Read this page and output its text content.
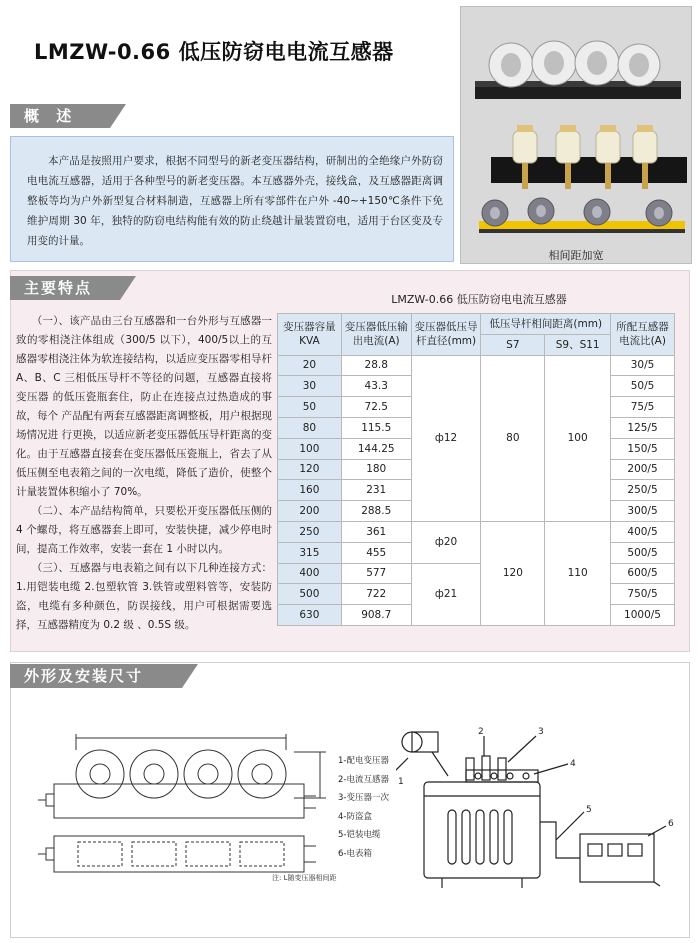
LMZW-0.66 低压防窃电电流互感器
相间距加宽
概 述
本产品是按照用户要求，根据不同型号的新老变压器结构，研制出的全绝缘户外防窃电电流互感器，适用于各种型号的新老变压器。本互感器外壳，接线盒，及互感器距离调整板等均为户外新型复合材料制造，互感器上所有零部件在户外 -40~+150℃条件下免维护周期 30 年，独特的防窃电结构能有效的防止绕越计量装置窃电，适用于台区变及专用变的计量。
主要特点

（一）、该产品由三台互感器和一台外形与互感器一致的零相浇注体组成（300/5 以下），400/5以上的互感器零相浇注体为软连接结构，以适应变压器零相导杆 A、B、C 三相低压导杆不等径的问题，互感器直接将变压器 的低压瓷瓶套住，防止在连接点过热造成的事故，每个 产品配有两套互感器距离调整板，用户根据现场情况进 行更换，以适应新老变压器低压导杆距离的变化。由于互感器直接套在变压器低压瓷瓶上，省去了从低压侧至电表箱之间的一次电缆，降低了造价，使整个计量装置体积缩小了 70%。

（二）、本产品结构简单，只要松开变压器低压侧的 4 个螺母，将互感器套上即可，安装快捷，减少停电时间，提高工作效率，安装一套在 1 小时以内。

（三）、互感器与电表箱之间有以下几种连接方式：1.用铠装电缆 2.包塑软管 3.铁管或塑料管等，安装防盗，电缆有多种颜色，防误接线，用户可根据需要选择，互感器精度为 0.2 级 、0.5S 级。

LMZW-0.66 低压防窃电电流互感器
变压器容量KVA	变压器低压输出电流(A)	变压器低压导杆直径(mm)	低压导杆相间距离(mm)		所配互感器电流比(A)
			S7	S9、S11	
20	28.8	ф12	80	100	30/5
30	43.3				50/5
50	72.5				75/5
80	115.5				125/5
100	144.25				150/5
120	180				200/5
160	231				250/5
200	288.5				300/5
250	361	ф20	120	110	400/5
315	455				500/5
400	577	ф21			600/5
500	722				750/5
630	908.7				1000/5
外形及安装尺寸
1-配电变压器
2-电流互感器
3-变压器一次
4-防盗盒
5-铠装电缆
6-电表箱
注: L随变压器相间距
2	3
4
5
6
1
